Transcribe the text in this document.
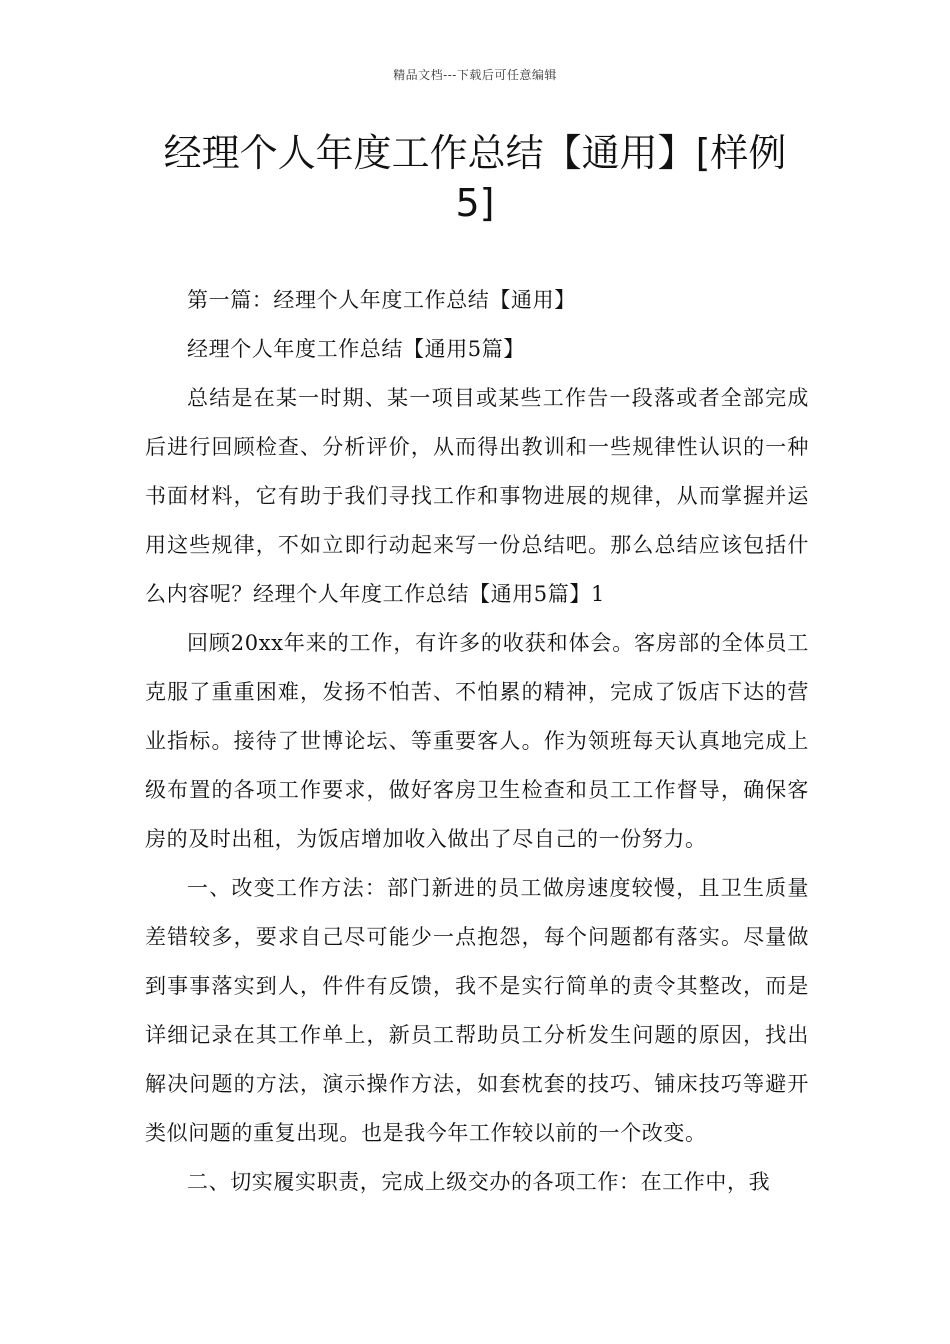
精品文档---下载后可任意编辑
经理个人年度工作总结【通用】[样例5]

第一篇：经理个人年度工作总结【通用】

经理个人年度工作总结【通用5篇】

总结是在某一时期、某一项目或某些工作告一段落或者全部完成后进行回顾检查、分析评价，从而得出教训和一些规律性认识的一种书面材料，它有助于我们寻找工作和事物进展的规律，从而掌握并运用这些规律，不如立即行动起来写一份总结吧。那么总结应该包括什么内容呢？经理个人年度工作总结【通用5篇】1

回顾20xx年来的工作，有许多的收获和体会。客房部的全体员工克服了重重困难，发扬不怕苦、不怕累的精神，完成了饭店下达的营业指标。接待了世博论坛、等重要客人。作为领班每天认真地完成上级布置的各项工作要求，做好客房卫生检查和员工工作督导，确保客房的及时出租，为饭店增加收入做出了尽自己的一份努力。

一、改变工作方法：部门新进的员工做房速度较慢，且卫生质量差错较多，要求自己尽可能少一点抱怨，每个问题都有落实。尽量做到事事落实到人，件件有反馈，我不是实行简单的责令其整改，而是详细记录在其工作单上，新员工帮助员工分析发生问题的原因，找出解决问题的方法，演示操作方法，如套枕套的技巧、铺床技巧等避开类似问题的重复出现。也是我今年工作较以前的一个改变。

二、切实履实职责，完成上级交办的各项工作：在工作中，我
